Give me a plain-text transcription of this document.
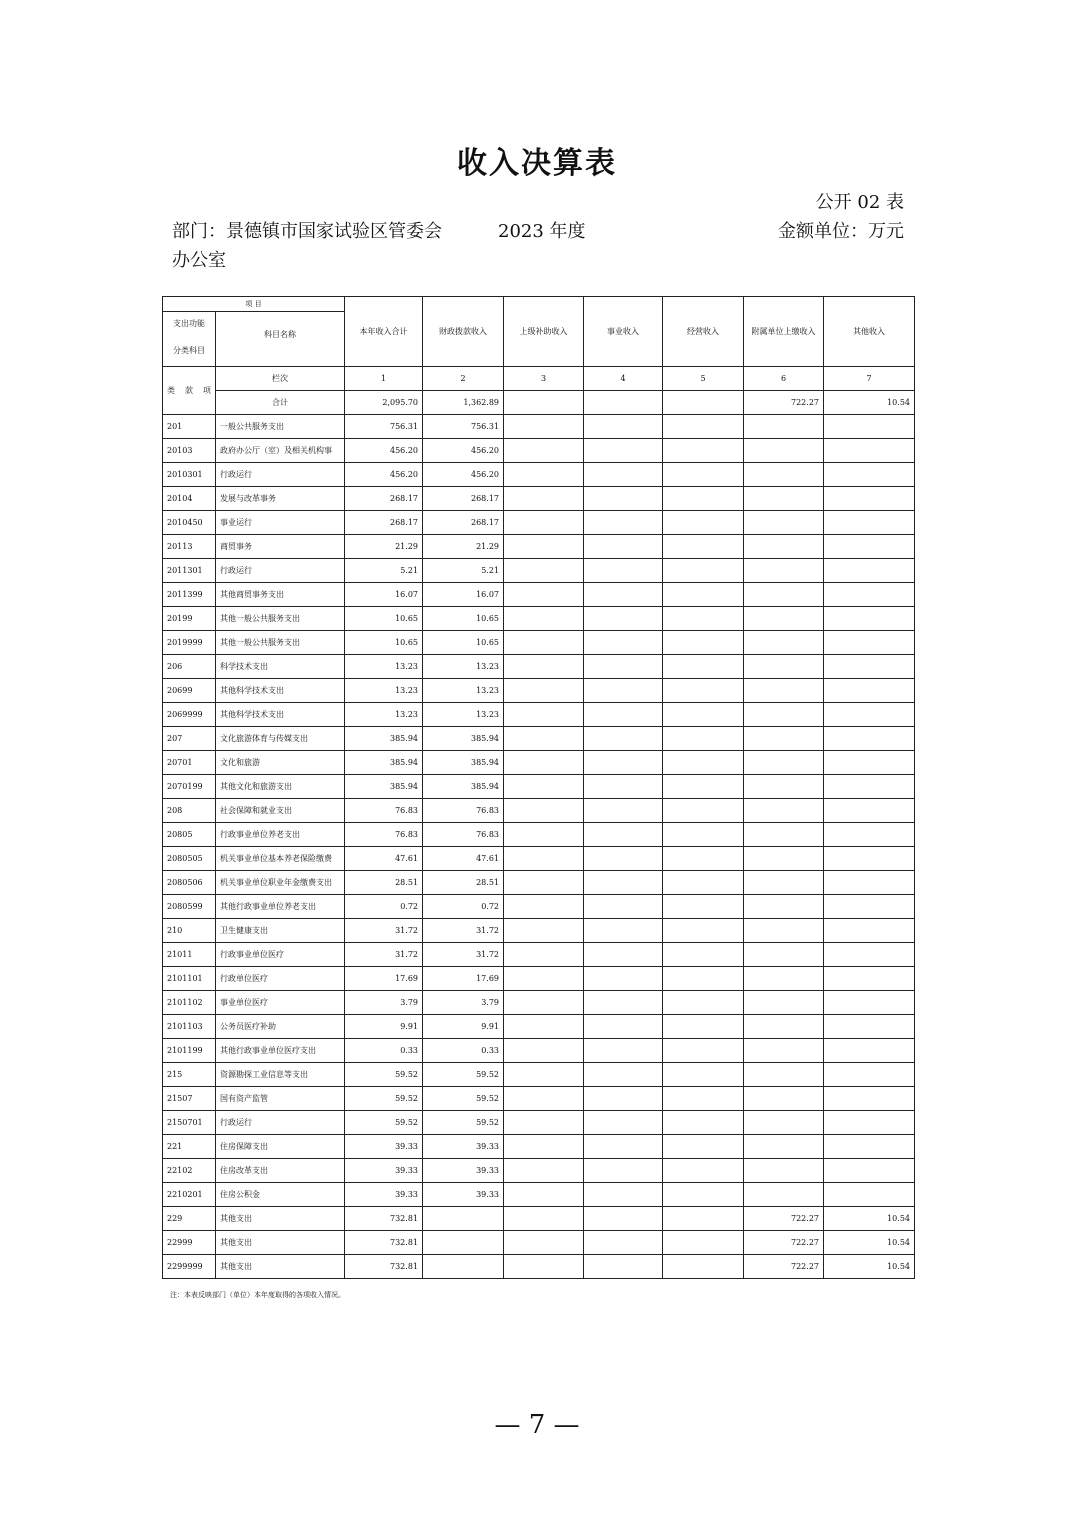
收入决算表
公开 02 表
部门：景德镇市国家试验区管委会办公室
2023 年度	金额单位：万元
项 目
支出功能
分类科目
科目名称		本年收入合计	财政拨款收入	上级补助收入	事业收入	经营收入	附属单位上缴收入	其他收入

类 款 项	栏次	1	2	3	4	5	6	7
	合计	2,095.70	1,362.89				722.27	10.54
201	一般公共服务支出	756.31	756.31					
20103	政府办公厅（室）及相关机构事	456.20	456.20					
2010301	行政运行	456.20	456.20					
20104	发展与改革事务	268.17	268.17					
2010450	事业运行	268.17	268.17					
20113	商贸事务	21.29	21.29					
2011301	行政运行	5.21	5.21					
2011399	其他商贸事务支出	16.07	16.07					
20199	其他一般公共服务支出	10.65	10.65					
2019999	其他一般公共服务支出	10.65	10.65					
206	科学技术支出	13.23	13.23					
20699	其他科学技术支出	13.23	13.23					
2069999	其他科学技术支出	13.23	13.23					
207	文化旅游体育与传媒支出	385.94	385.94					
20701	文化和旅游	385.94	385.94					
2070199	其他文化和旅游支出	385.94	385.94					
208	社会保障和就业支出	76.83	76.83					
20805	行政事业单位养老支出	76.83	76.83					
2080505	机关事业单位基本养老保险缴费	47.61	47.61					
2080506	机关事业单位职业年金缴费支出	28.51	28.51					
2080599	其他行政事业单位养老支出	0.72	0.72					
210	卫生健康支出	31.72	31.72					
21011	行政事业单位医疗	31.72	31.72					
2101101	行政单位医疗	17.69	17.69					
2101102	事业单位医疗	3.79	3.79					
2101103	公务员医疗补助	9.91	9.91					
2101199	其他行政事业单位医疗支出	0.33	0.33					
215	资源勘探工业信息等支出	59.52	59.52					
21507	国有资产监管	59.52	59.52					
2150701	行政运行	59.52	59.52					
221	住房保障支出	39.33	39.33					
22102	住房改革支出	39.33	39.33					
2210201	住房公积金	39.33	39.33					
229	其他支出	732.81					722.27	10.54
22999	其他支出	732.81					722.27	10.54
2299999	其他支出	732.81					722.27	10.54
注：本表反映部门（单位）本年度取得的各项收入情况。
— 7 —
